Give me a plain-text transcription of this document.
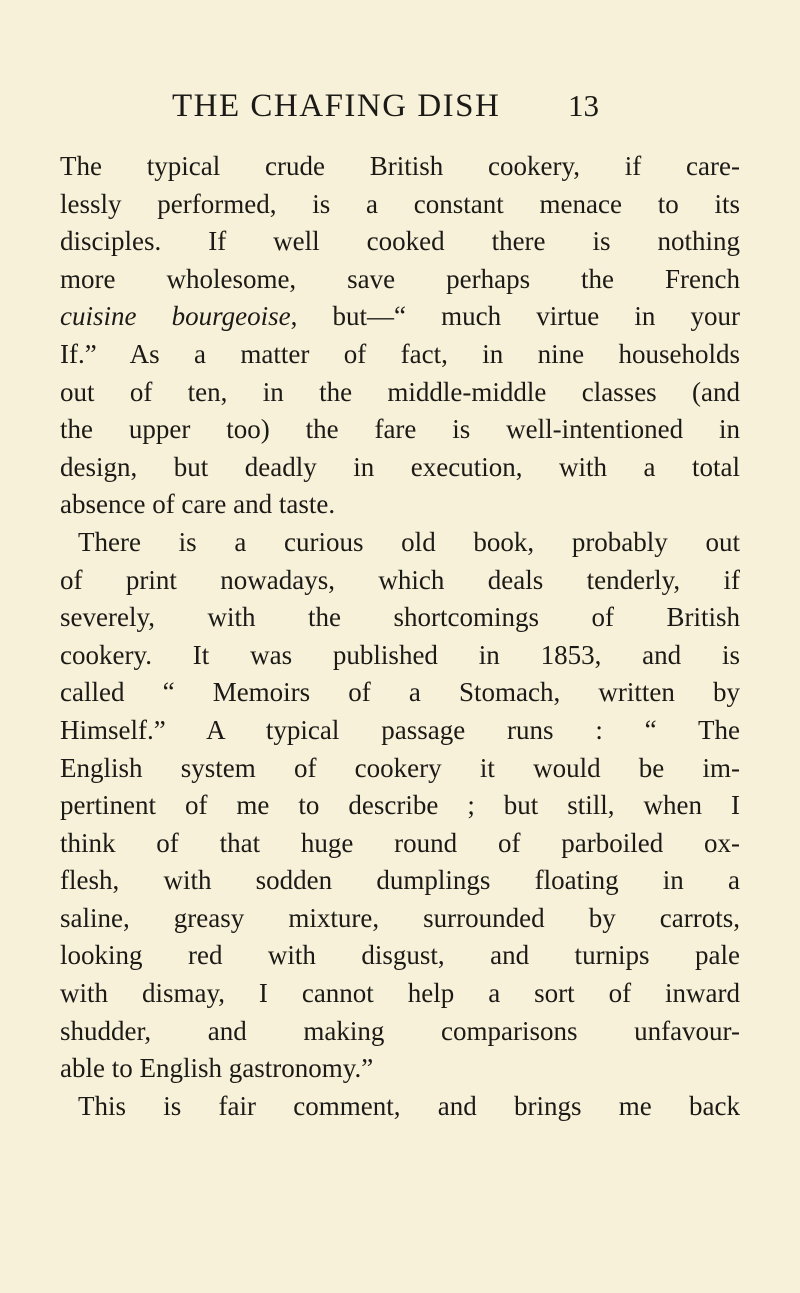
THE CHAFING DISH 13
The typical crude British cookery, if care-
lessly performed, is a constant menace to its
disciples. If well cooked there is nothing
more wholesome, save perhaps the French
cuisine bourgeoise, but—“ much virtue in your
If.” As a matter of fact, in nine households
out of ten, in the middle-middle classes (and
the upper too) the fare is well-intentioned in
design, but deadly in execution, with a total
absence of care and taste.
There is a curious old book, probably out
of print nowadays, which deals tenderly, if
severely, with the shortcomings of British
cookery. It was published in 1853, and is
called “ Memoirs of a Stomach, written by
Himself.” A typical passage runs : “ The
English system of cookery it would be im-
pertinent of me to describe ; but still, when I
think of that huge round of parboiled ox-
flesh, with sodden dumplings floating in a
saline, greasy mixture, surrounded by carrots,
looking red with disgust, and turnips pale
with dismay, I cannot help a sort of inward
shudder, and making comparisons unfavour-
able to English gastronomy.”
This is fair comment, and brings me back
